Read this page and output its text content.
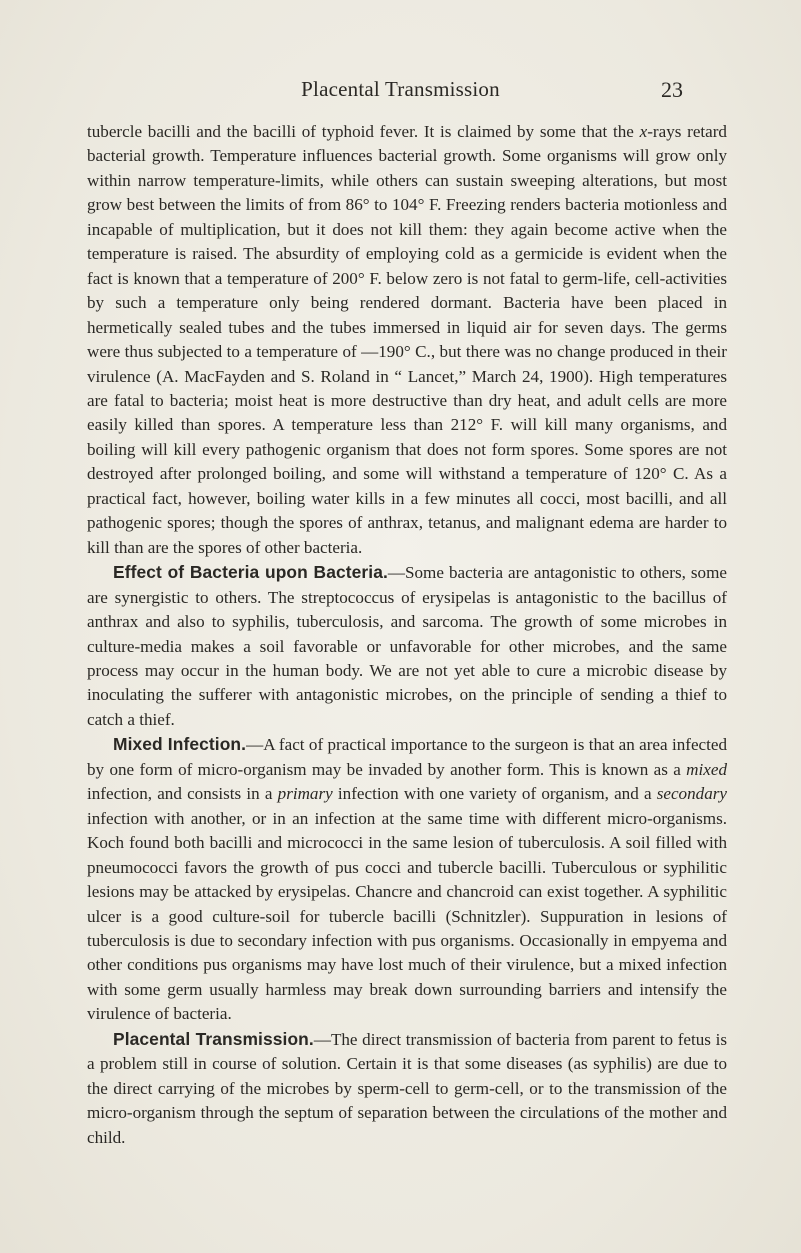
Placental Transmission	23

tubercle bacilli and the bacilli of typhoid fever. It is claimed by some that the x-rays retard bacterial growth. Temperature influences bacterial growth. Some organisms will grow only within narrow temperature-limits, while others can sustain sweeping alterations, but most grow best between the limits of from 86° to 104° F. Freezing renders bacteria motionless and incapable of multiplication, but it does not kill them: they again become active when the temperature is raised. The absurdity of employing cold as a germicide is evident when the fact is known that a temperature of 200° F. below zero is not fatal to germ-life, cell-activities by such a temperature only being rendered dormant. Bacteria have been placed in hermetically sealed tubes and the tubes immersed in liquid air for seven days. The germs were thus subjected to a temperature of —190° C., but there was no change produced in their virulence (A. MacFayden and S. Roland in “ Lancet,” March 24, 1900). High temperatures are fatal to bacteria; moist heat is more destructive than dry heat, and adult cells are more easily killed than spores. A temperature less than 212° F. will kill many organisms, and boiling will kill every pathogenic organism that does not form spores. Some spores are not destroyed after prolonged boiling, and some will withstand a temperature of 120° C. As a practical fact, however, boiling water kills in a few minutes all cocci, most bacilli, and all pathogenic spores; though the spores of anthrax, tetanus, and malignant edema are harder to kill than are the spores of other bacteria.

Effect of Bacteria upon Bacteria.—Some bacteria are antagonistic to others, some are synergistic to others. The streptococcus of erysipelas is antagonistic to the bacillus of anthrax and also to syphilis, tuberculosis, and sarcoma. The growth of some microbes in culture-media makes a soil favorable or unfavorable for other microbes, and the same process may occur in the human body. We are not yet able to cure a microbic disease by inoculating the sufferer with antagonistic microbes, on the principle of sending a thief to catch a thief.

Mixed Infection.—A fact of practical importance to the surgeon is that an area infected by one form of micro-organism may be invaded by another form. This is known as a mixed infection, and consists in a primary infection with one variety of organism, and a secondary infection with another, or in an infection at the same time with different micro-organisms. Koch found both bacilli and micrococci in the same lesion of tuberculosis. A soil filled with pneumococci favors the growth of pus cocci and tubercle bacilli. Tuberculous or syphilitic lesions may be attacked by erysipelas. Chancre and chancroid can exist together. A syphilitic ulcer is a good culture-soil for tubercle bacilli (Schnitzler). Suppuration in lesions of tuberculosis is due to secondary infection with pus organisms. Occasionally in empyema and other conditions pus organisms may have lost much of their virulence, but a mixed infection with some germ usually harmless may break down surrounding barriers and intensify the virulence of bacteria.

Placental Transmission.—The direct transmission of bacteria from parent to fetus is a problem still in course of solution. Certain it is that some diseases (as syphilis) are due to the direct carrying of the microbes by sperm-cell to germ-cell, or to the transmission of the micro-organism through the septum of separation between the circulations of the mother and child.
